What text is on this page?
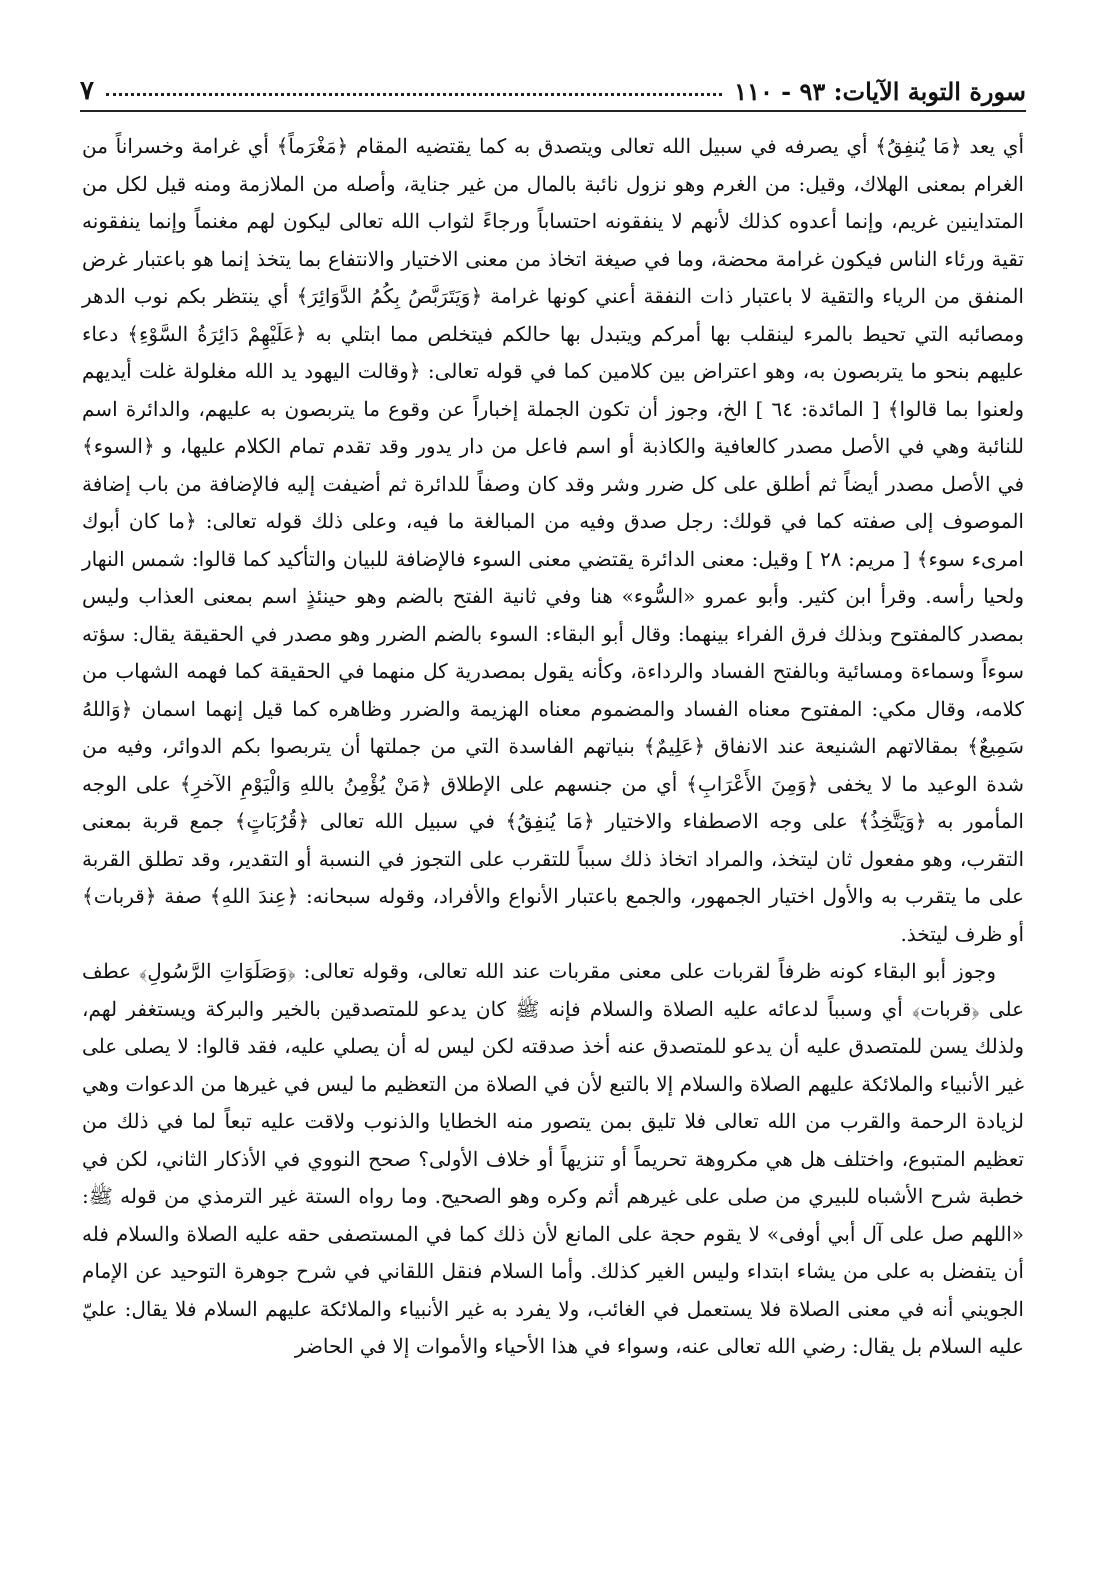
سورة التوبة الآيات: ٩٣ - ١١٠
٧

أي يعد ﴿مَا يُنفِقُ﴾ أي يصرفه في سبيل الله تعالى ويتصدق به كما يقتضيه المقام ﴿مَغْرَماً﴾ أي غرامة وخسراناً من الغرام بمعنى الهلاك، وقيل: من الغرم وهو نزول نائبة بالمال من غير جناية، وأصله من الملازمة ومنه قيل لكل من المتداينين غريم، وإنما أعدوه كذلك لأنهم لا ينفقونه احتساباً ورجاءً لثواب الله تعالى ليكون لهم مغنماً وإنما ينفقونه تقية ورئاء الناس فيكون غرامة محضة، وما في صيغة اتخاذ من معنى الاختيار والانتفاع بما يتخذ إنما هو باعتبار غرض المنفق من الرياء والتقية لا باعتبار ذات النفقة أعني كونها غرامة ﴿وَيَتَرَبَّصُ بِكُمُ الدَّوَائِرَ﴾ أي ينتظر بكم نوب الدهر ومصائبه التي تحيط بالمرء لينقلب بها أمركم ويتبدل بها حالكم فيتخلص مما ابتلي به ﴿عَلَيْهِمْ دَائِرَةُ السَّوْءِ﴾ دعاء عليهم بنحو ما يتربصون به، وهو اعتراض بين كلامين كما في قوله تعالى: ﴿وقالت اليهود يد الله مغلولة غلت أيديهم ولعنوا بما قالوا﴾ [ المائدة: ٦٤ ] الخ، وجوز أن تكون الجملة إخباراً عن وقوع ما يتربصون به عليهم، والدائرة اسم للنائبة وهي في الأصل مصدر كالعافية والكاذبة أو اسم فاعل من دار يدور وقد تقدم تمام الكلام عليها، و ﴿السوء﴾ في الأصل مصدر أيضاً ثم أطلق على كل ضرر وشر وقد كان وصفاً للدائرة ثم أضيفت إليه فالإضافة من باب إضافة الموصوف إلى صفته كما في قولك: رجل صدق وفيه من المبالغة ما فيه، وعلى ذلك قوله تعالى: ﴿ما كان أبوك امرىء سوء﴾ [ مريم: ٢٨ ] وقيل: معنى الدائرة يقتضي معنى السوء فالإضافة للبيان والتأكيد كما قالوا: شمس النهار ولحيا رأسه. وقرأ ابن كثير. وأبو عمرو «السُّوء» هنا وفي ثانية الفتح بالضم وهو حينئذٍ اسم بمعنى العذاب وليس بمصدر كالمفتوح وبذلك فرق الفراء بينهما: وقال أبو البقاء: السوء بالضم الضرر وهو مصدر في الحقيقة يقال: سؤته سوءاً وسماءة ومسائية وبالفتح الفساد والرداءة، وكأنه يقول بمصدرية كل منهما في الحقيقة كما فهمه الشهاب من كلامه، وقال مكي: المفتوح معناه الفساد والمضموم معناه الهزيمة والضرر وظاهره كما قيل إنهما اسمان ﴿وَاللهُ سَمِيعٌ﴾ بمقالاتهم الشنيعة عند الانفاق ﴿عَلِيمٌ﴾ بنياتهم الفاسدة التي من جملتها أن يتربصوا بكم الدوائر، وفيه من شدة الوعيد ما لا يخفى ﴿وَمِنَ الأَعْرَابِ﴾ أي من جنسهم على الإطلاق ﴿مَنْ يُؤْمِنُ باللهِ وَالْيَوْمِ الآخرِ﴾ على الوجه المأمور به ﴿وَيَتَّخِذُ﴾ على وجه الاصطفاء والاختيار ﴿مَا يُنفِقُ﴾ في سبيل الله تعالى ﴿قُرُبَاتٍ﴾ جمع قربة بمعنى التقرب، وهو مفعول ثان ليتخذ، والمراد اتخاذ ذلك سبباً للتقرب على التجوز في النسبة أو التقدير، وقد تطلق القربة على ما يتقرب به والأول اختيار الجمهور، والجمع باعتبار الأنواع والأفراد، وقوله سبحانه: ﴿عِندَ اللهِ﴾ صفة ﴿قربات﴾ أو ظرف ليتخذ.

وجوز أبو البقاء كونه ظرفاً لقربات على معنى مقربات عند الله تعالى، وقوله تعالى: ﴿وَصَلَوَاتِ الرَّسُولِ﴾ عطف على ﴿قربات﴾ أي وسبباً لدعائه عليه الصلاة والسلام فإنه ﷺ كان يدعو للمتصدقين بالخير والبركة ويستغفر لهم، ولذلك يسن للمتصدق عليه أن يدعو للمتصدق عنه أخذ صدقته لكن ليس له أن يصلي عليه، فقد قالوا: لا يصلى على غير الأنبياء والملائكة عليهم الصلاة والسلام إلا بالتبع لأن في الصلاة من التعظيم ما ليس في غيرها من الدعوات وهي لزيادة الرحمة والقرب من الله تعالى فلا تليق بمن يتصور منه الخطايا والذنوب ولاقت عليه تبعاً لما في ذلك من تعظيم المتبوع، واختلف هل هي مكروهة تحريماً أو تنزيهاً أو خلاف الأولى؟ صحح النووي في الأذكار الثاني، لكن في خطبة شرح الأشباه للبيري من صلى على غيرهم أثم وكره وهو الصحيح. وما رواه الستة غير الترمذي من قوله ﷺ: «اللهم صل على آل أبي أوفى» لا يقوم حجة على المانع لأن ذلك كما في المستصفى حقه عليه الصلاة والسلام فله أن يتفضل به على من يشاء ابتداء وليس الغير كذلك. وأما السلام فنقل اللقاني في شرح جوهرة التوحيد عن الإمام الجويني أنه في معنى الصلاة فلا يستعمل في الغائب، ولا يفرد به غير الأنبياء والملائكة عليهم السلام فلا يقال: عليّ عليه السلام بل يقال: رضي الله تعالى عنه، وسواء في هذا الأحياء والأموات إلا في الحاضر
